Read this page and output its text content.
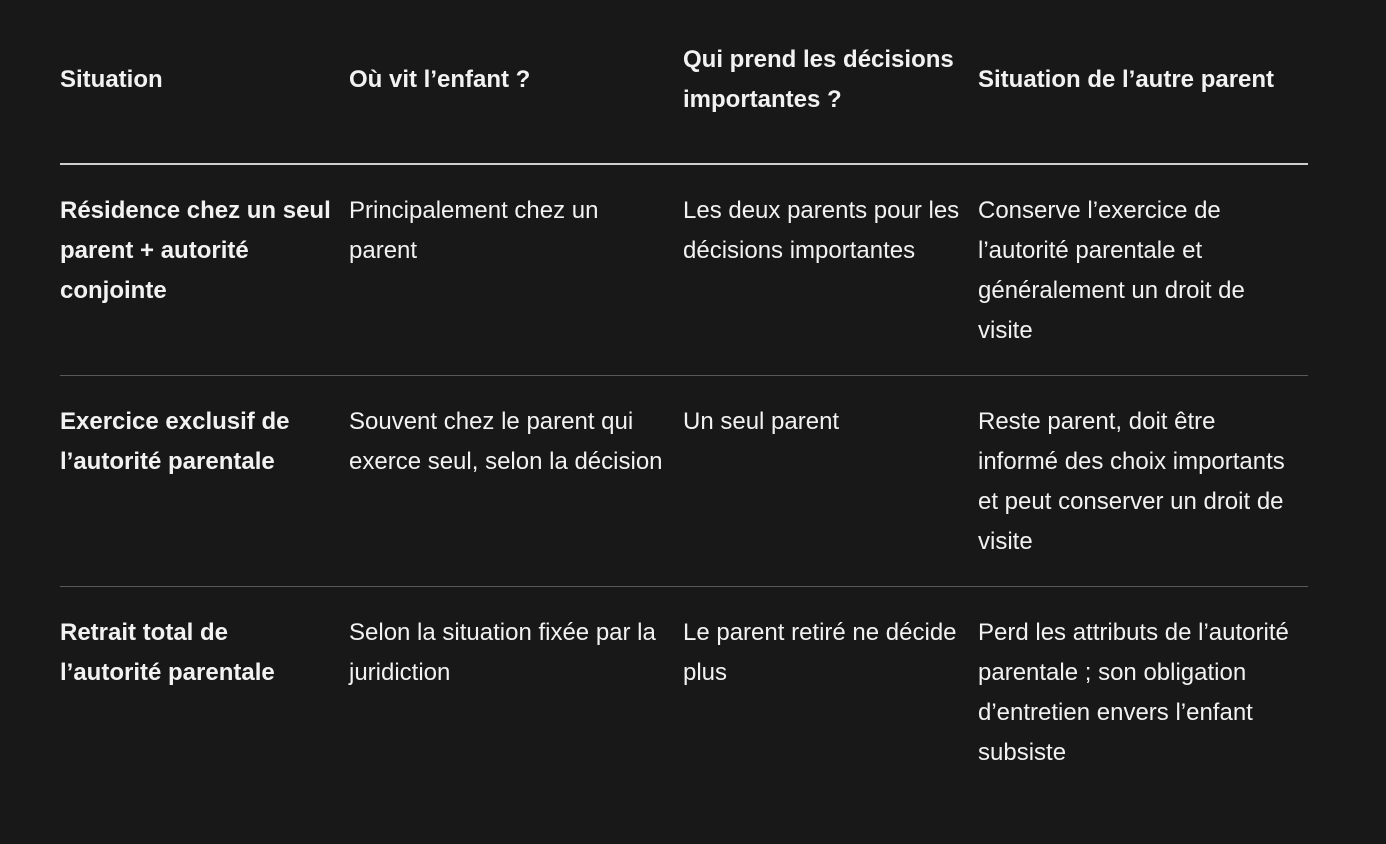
Situation	Où vit l’enfant ?	Qui prend les décisions importantes ?	Situation de l’autre parent
Résidence chez un seul parent + autorité conjointe	Principalement chez un parent	Les deux parents pour les décisions importantes	Conserve l’exercice de l’autorité parentale et généralement un droit de visite
Exercice exclusif de l’autorité parentale	Souvent chez le parent qui exerce seul, selon la décision	Un seul parent	Reste parent, doit être informé des choix importants et peut conserver un droit de visite
Retrait total de l’autorité parentale	Selon la situation fixée par la juridiction	Le parent retiré ne décide plus	Perd les attributs de l’autorité parentale ; son obligation d’entretien envers l’enfant subsiste
